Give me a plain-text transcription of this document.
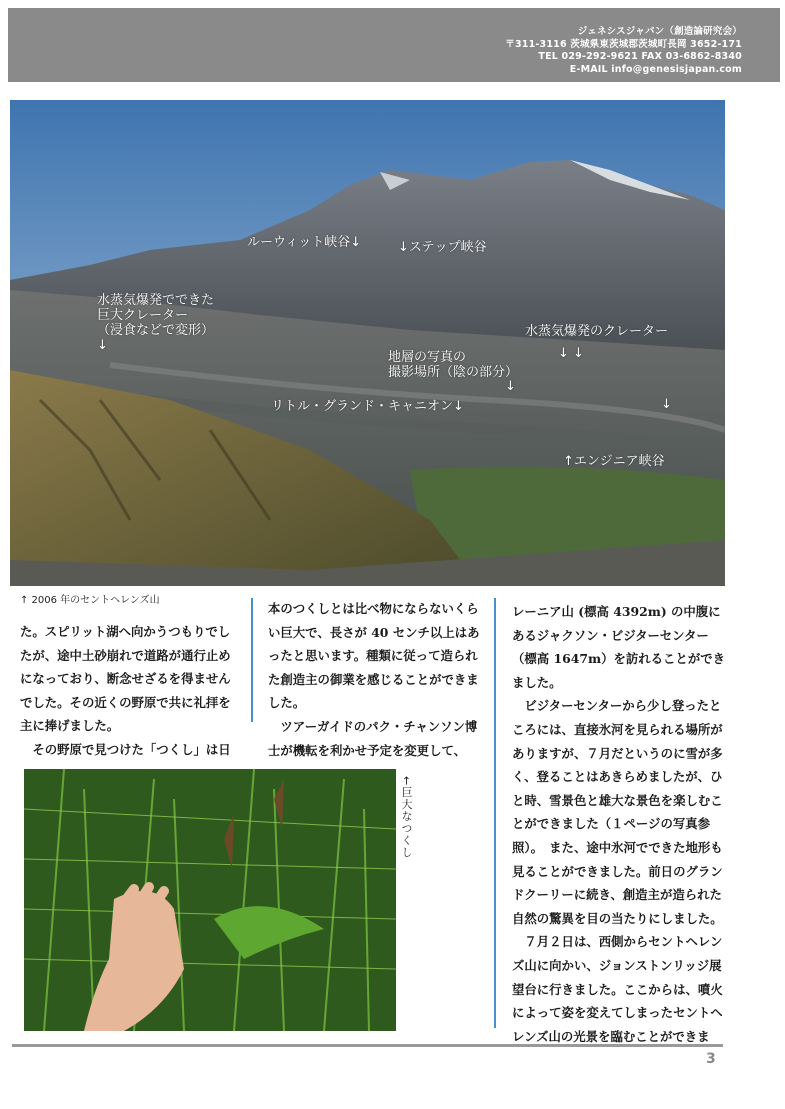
ジェネシスジャパン（創造論研究会）
〒311-3116 茨城県東茨城郡茨城町長岡 3652-171
TEL 029-292-9621 FAX 03-6862-8340
E-MAIL info@genesisjapan.com
ルーウィット峡谷↓	↓ステップ峡谷
水蒸気爆発でできた
巨大クレーター
（浸食などで変形）
↓
水蒸気爆発のクレーター
↓ ↓
地層の写真の
撮影場所（陰の部分）
↓
リトル・グランド・キャニオン↓	↓
↑エンジニア峡谷
↑ 2006 年のセントヘレンズ山

た。スピリット湖へ向かうつもりでしたが、途中土砂崩れで道路が通行止めになっており、断念せざるを得ませんでした。その近くの野原で共に礼拝を主に捧げました。

　その野原で見つけた「つくし」は日

本のつくしとは比べ物にならないくらい巨大で、長さが 40 センチ以上はあったと思います。種類に従って造られた創造主の御業を感じることができました。

　ツアーガイドのパク・チャンソン博士が機転を利かせ予定を変更して、

レーニア山 (標高 4392m) の中腹にあるジャクソン・ビジターセンター（標高 1647m）を訪れることができました。

　ビジターセンターから少し登ったところには、直接氷河を見られる場所がありますが、７月だというのに雪が多く、登ることはあきらめましたが、ひと時、雪景色と雄大な景色を楽しむことができました（１ページの写真参照）。　また、途中氷河でできた地形も見ることができました。前日のグランドクーリーに続き、創造主が造られた自然の驚異を目の当たりにしました。

　７月２日は、西側からセントヘレンズ山に向かい、ジョンストンリッジ展望台に行きました。ここからは、噴火によって姿を変えてしまったセントヘレンズ山の光景を臨むことができま

←巨大なつくし
3
